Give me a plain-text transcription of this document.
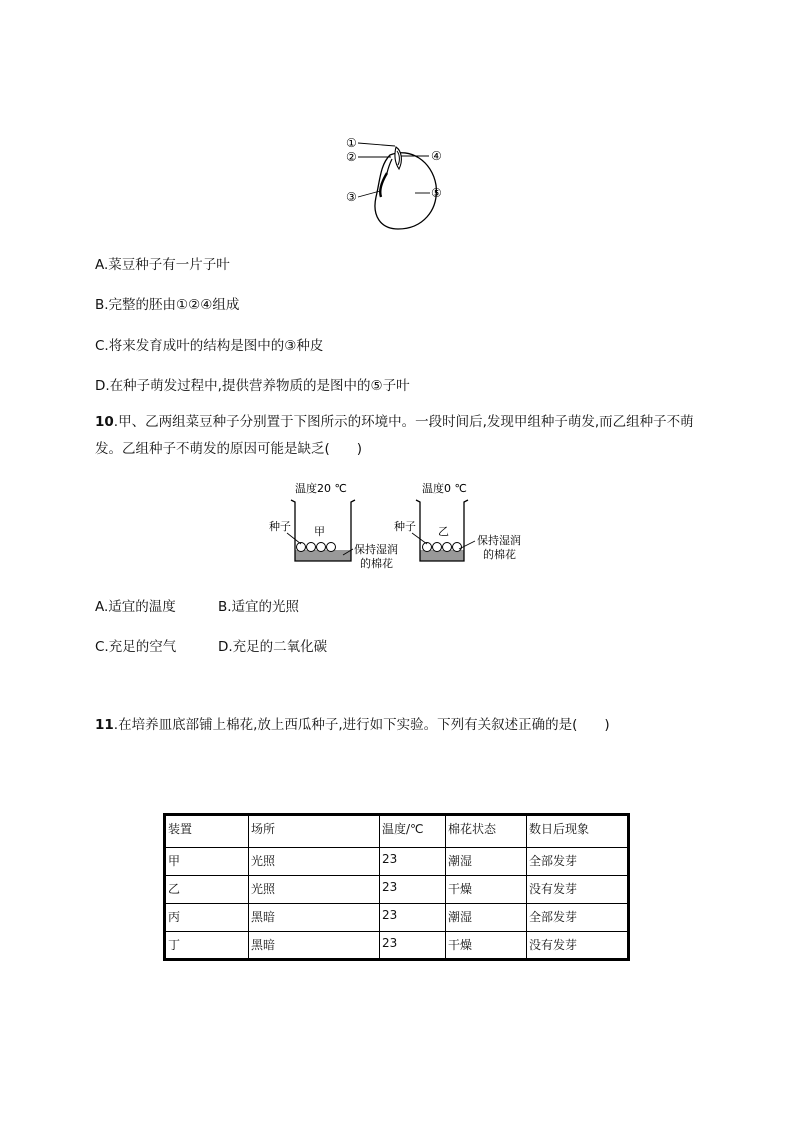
①
②
③
④
⑤
A.菜豆种子有一片子叶
B.完整的胚由①②④组成
C.将来发育成叶的结构是图中的③种皮
D.在种子萌发过程中,提供营养物质的是图中的⑤子叶
10.甲、乙两组菜豆种子分别置于下图所示的环境中。一段时间后,发现甲组种子萌发,而乙组种子不萌发。乙组种子不萌发的原因可能是缺乏(　　)
温度20 ℃	温度0 ℃
甲
种子
保持湿润
的棉花
乙
种子
保持湿润
的棉花
A.适宜的温度	B.适宜的光照
C.充足的空气	D.充足的二氧化碳
11.在培养皿底部铺上棉花,放上西瓜种子,进行如下实验。下列有关叙述正确的是(　　)
装置	场所	温度/℃	棉花状态	数日后现象
甲	光照	23	潮湿	全部发芽
乙	光照	23	干燥	没有发芽
丙	黑暗	23	潮湿	全部发芽
丁	黑暗	23	干燥	没有发芽
